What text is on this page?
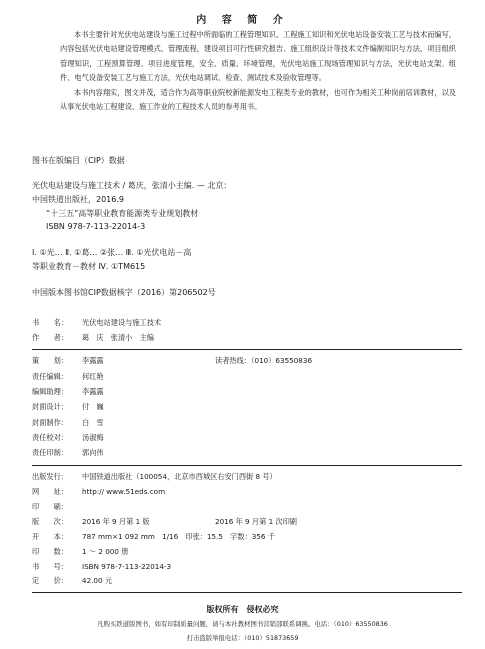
内 容 简 介

本书主要针对光伏电站建设与施工过程中所面临的工程管理知识、工程施工知识和光伏电站设备安装工艺与技术而编写，内容包括光伏电站建设管理模式、管理流程，建设项目可行性研究报告、施工组织设计等技术文件编制知识与方法，项目组织管理知识，工程预算管理、项目进度管理，安全、质量、环境管理，光伏电站施工现场管理知识与方法，光伏电站支架、组件、电气设备安装工艺与施工方法，光伏电站调试、检查、测试技术及验收管理等。

本书内容翔实，图文并茂，适合作为高等职业院校新能源发电工程类专业的教材，也可作为相关工种岗前培训教材，以及从事光伏电站工程建设、施工作业的工程技术人员的参考用书。

图书在版编目（CIP）数据
光伏电站建设与施工技术 / 葛庆，张清小主编. — 北京：
中国铁道出版社，2016.9
“十三五”高等职业教育能源类专业规划教材
ISBN 978-7-113-22014-3
Ⅰ. ①光… Ⅱ. ①葛… ②张… Ⅲ. ①光伏电站－高
等职业教育－教材 Ⅳ. ①TM615
中国版本图书馆CIP数据核字（2016）第206502号
书　　名： 光伏电站建设与施工技术
作　　者： 葛　庆　张清小　主编
策　　划： 李露露	读者热线：（010）63550836
责任编辑： 何红艳
编辑助理： 李露露
封面设计： 付　巍
封面制作： 白　雪
责任校对： 汤淑梅
责任印制： 郭向伟
出版发行： 中国铁道出版社（100054，北京市西城区右安门西街 8 号）
网　　址： http:// www.51eds.com
印　　刷：
版　　次： 2016 年 9 月第 1 版	2016 年 9 月第 1 次印刷
开　　本： 787 mm×1 092 mm　1/16　印张：15.5　字数：356 千
印　　数： 1 ～ 2 000 册
书　　号： ISBN 978-7-113-22014-3
定　　价： 42.00 元
版权所有　侵权必究
凡购买铁道版图书，如有印制质量问题，请与本社教材图书营销部联系调换。电话：（010）63550836
打击盗版举报电话：（010）51873659
